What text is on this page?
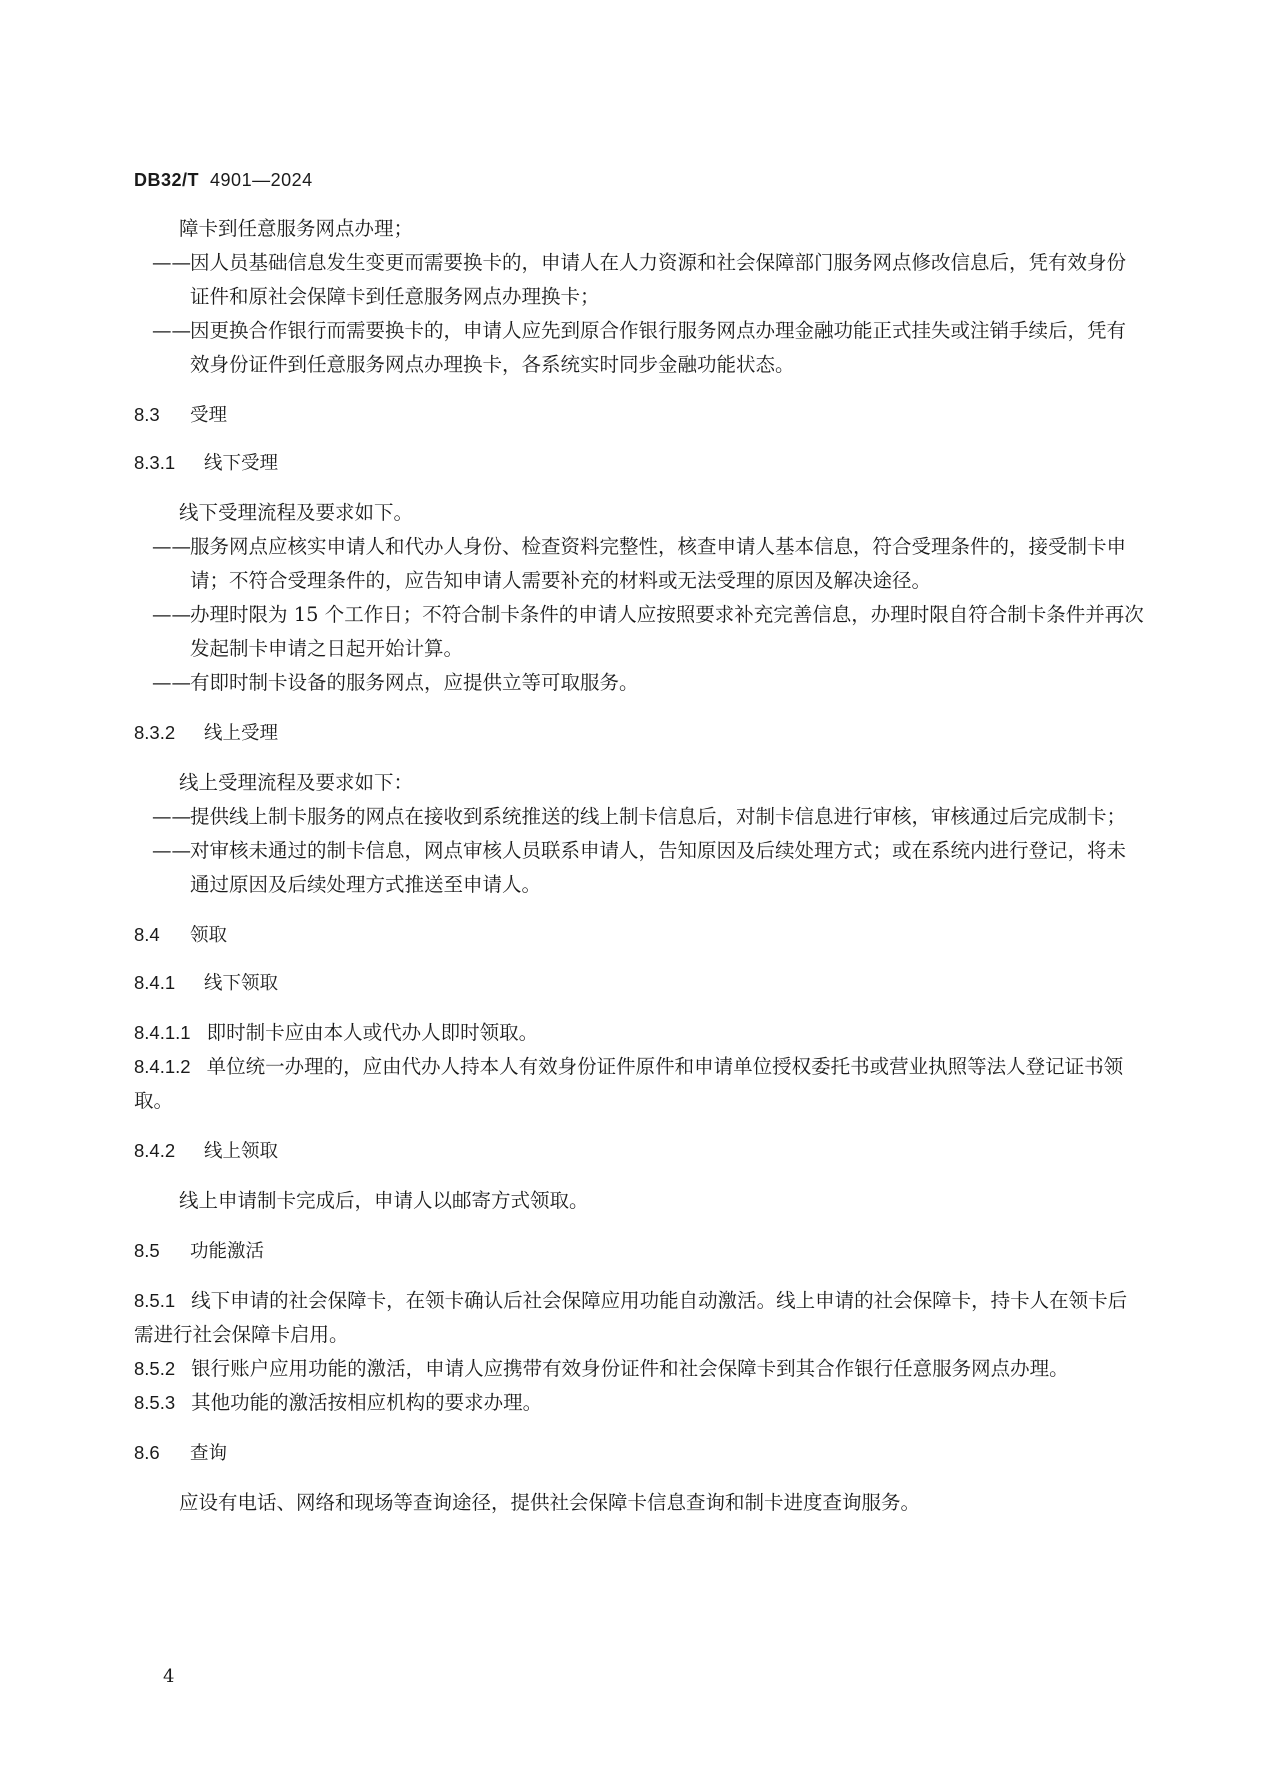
DB32/T 4901—2024
障卡到任意服务网点办理；
—— 因人员基础信息发生变更而需要换卡的，申请人在人力资源和社会保障部门服务网点修改信息后，凭有效身份证件和原社会保障卡到任意服务网点办理换卡；
—— 因更换合作银行而需要换卡的，申请人应先到原合作银行服务网点办理金融功能正式挂失或注销手续后，凭有效身份证件到任意服务网点办理换卡，各系统实时同步金融功能状态。
8.3 受理
8.3.1 线下受理
线下受理流程及要求如下。
—— 服务网点应核实申请人和代办人身份、检查资料完整性，核查申请人基本信息，符合受理条件的，接受制卡申请；不符合受理条件的，应告知申请人需要补充的材料或无法受理的原因及解决途径。
—— 办理时限为 15 个工作日；不符合制卡条件的申请人应按照要求补充完善信息，办理时限自符合制卡条件并再次发起制卡申请之日起开始计算。
—— 有即时制卡设备的服务网点，应提供立等可取服务。
8.3.2 线上受理
线上受理流程及要求如下：
—— 提供线上制卡服务的网点在接收到系统推送的线上制卡信息后，对制卡信息进行审核，审核通过后完成制卡；
—— 对审核未通过的制卡信息，网点审核人员联系申请人，告知原因及后续处理方式；或在系统内进行登记，将未通过原因及后续处理方式推送至申请人。
8.4 领取
8.4.1 线下领取
8.4.1.1 即时制卡应由本人或代办人即时领取。
8.4.1.2 单位统一办理的，应由代办人持本人有效身份证件原件和申请单位授权委托书或营业执照等法人登记证书领取。
8.4.2 线上领取
线上申请制卡完成后，申请人以邮寄方式领取。
8.5 功能激活
8.5.1 线下申请的社会保障卡，在领卡确认后社会保障应用功能自动激活。线上申请的社会保障卡，持卡人在领卡后需进行社会保障卡启用。
8.5.2 银行账户应用功能的激活，申请人应携带有效身份证件和社会保障卡到其合作银行任意服务网点办理。
8.5.3 其他功能的激活按相应机构的要求办理。
8.6 查询
应设有电话、网络和现场等查询途径，提供社会保障卡信息查询和制卡进度查询服务。
4
